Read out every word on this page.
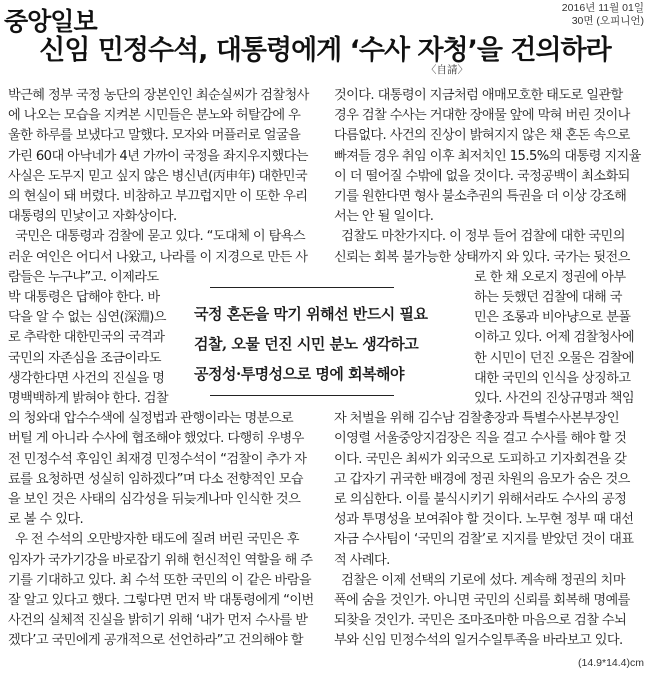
중앙일보	2016년 11월 01일
30면 (오피니언)
신임 민정수석, 대통령에게 ‘수사 자청’을 건의하라
〈自請〉

박근혜 정부 국정 농단의 장본인인 최순실씨가 검찰청사

에 나오는 모습을 지켜본 시민들은 분노와 허탈감에 우

울한 하루를 보냈다고 말했다. 모자와 머플러로 얼굴을

가린 60대 아낙네가 4년 가까이 국정을 좌지우지했다는

사실은 도무지 믿고 싶지 않은 병신년(丙申年) 대한민국

의 현실이 돼 버렸다. 비참하고 부끄럽지만 이 또한 우리

대통령의 민낯이고 자화상이다.

국민은 대통령과 검찰에 묻고 있다. “도대체 이 탐욕스

러운 여인은 어디서 나왔고, 나라를 이 지경으로 만든 사

람들은 누구냐”고. 이제라도

박 대통령은 답해야 한다. 바

닥을 알 수 없는 심연(深淵)으

로 추락한 대한민국의 국격과

국민의 자존심을 조금이라도

생각한다면 사건의 진실을 명

명백백하게 밝혀야 한다. 검찰

의 청와대 압수수색에 실정법과 관행이라는 명분으로

버틸 게 아니라 수사에 협조해야 했었다. 다행히 우병우

전 민정수석 후임인 최재경 민정수석이 “검찰이 추가 자

료를 요청하면 성실히 임하겠다”며 다소 전향적인 모습

을 보인 것은 사태의 심각성을 뒤늦게나마 인식한 것으

로 볼 수 있다.

우 전 수석의 오만방자한 태도에 질려 버린 국민은 후

임자가 국가기강을 바로잡기 위해 헌신적인 역할을 해 주

기를 기대하고 있다. 최 수석 또한 국민의 이 같은 바람을

잘 알고 있다고 했다. 그렇다면 먼저 박 대통령에게 “이번

사건의 실체적 진실을 밝히기 위해 ‘내가 먼저 수사를 받

겠다’고 국민에게 공개적으로 선언하라”고 건의해야 할

것이다. 대통령이 지금처럼 애매모호한 태도로 일관할

경우 검찰 수사는 거대한 장애물 앞에 막혀 버린 것이나

다름없다. 사건의 진상이 밝혀지지 않은 채 혼돈 속으로

빠져들 경우 취임 이후 최저치인 15.5%의 대통령 지지율

이 더 떨어질 수밖에 없을 것이다. 국정공백이 최소화되

기를 원한다면 형사 불소추권의 특권을 더 이상 강조해

서는 안 될 일이다.

검찰도 마찬가지다. 이 정부 들어 검찰에 대한 국민의

신뢰는 회복 불가능한 상태까지 와 있다. 국가는 뒷전으

로 한 채 오로지 정권에 아부

하는 듯했던 검찰에 대해 국

민은 조롱과 비아냥으로 분풀

이하고 있다. 어제 검찰청사에

한 시민이 던진 오물은 검찰에

대한 국민의 인식을 상징하고

있다. 사건의 진상규명과 책임

자 처벌을 위해 김수남 검찰총장과 특별수사본부장인

이영렬 서울중앙지검장은 직을 걸고 수사를 해야 할 것

이다. 국민은 최씨가 외국으로 도피하고 기자회견을 갖

고 갑자기 귀국한 배경에 정권 차원의 음모가 숨은 것으

로 의심한다. 이를 불식시키기 위해서라도 수사의 공정

성과 투명성을 보여줘야 할 것이다. 노무현 정부 때 대선

자금 수사팀이 ‘국민의 검찰’로 지지를 받았던 것이 대표

적 사례다.

검찰은 이제 선택의 기로에 섰다. 계속해 정권의 치마

폭에 숨을 것인가. 아니면 국민의 신뢰를 회복해 명예를

되찾을 것인가. 국민은 조마조마한 마음으로 검찰 수뇌

부와 신임 민정수석의 일거수일투족을 바라보고 있다.

국정 혼돈을 막기 위해선 반드시 필요
검찰, 오물 던진 시민 분노 생각하고
공정성·투명성으로 명에 회복해야
(14.9*14.4)cm
